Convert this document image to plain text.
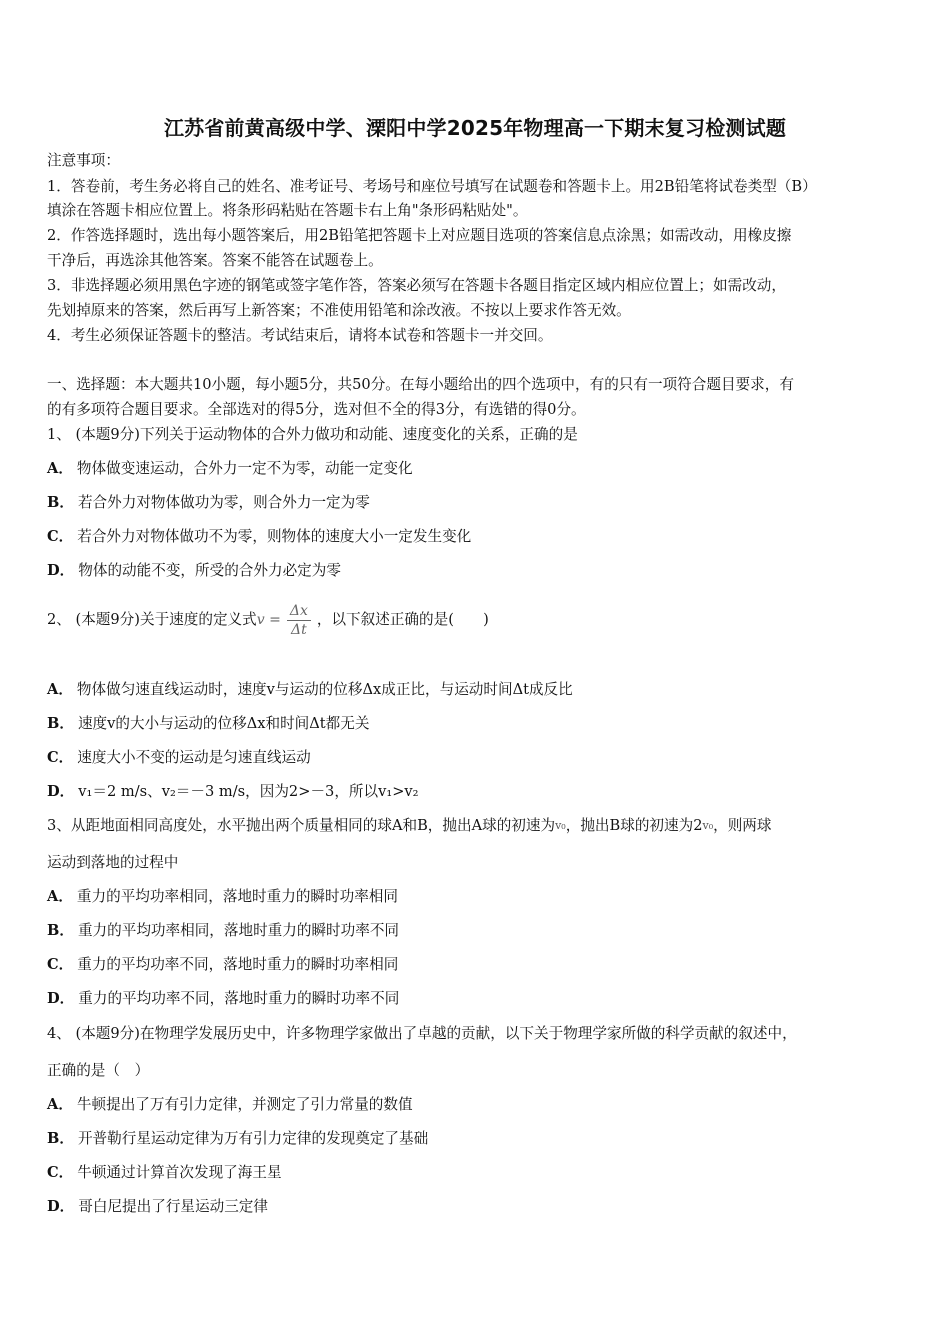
江苏省前黄高级中学、溧阳中学2025年物理高一下期末复习检测试题
注意事项：
1．答卷前，考生务必将自己的姓名、准考证号、考场号和座位号填写在试题卷和答题卡上。用2B铅笔将试卷类型（B）
填涂在答题卡相应位置上。将条形码粘贴在答题卡右上角"条形码粘贴处"。
2．作答选择题时，选出每小题答案后，用2B铅笔把答题卡上对应题目选项的答案信息点涂黑；如需改动，用橡皮擦
干净后，再选涂其他答案。答案不能答在试题卷上。
3．非选择题必须用黑色字迹的钢笔或签字笔作答，答案必须写在答题卡各题目指定区域内相应位置上；如需改动，
先划掉原来的答案，然后再写上新答案；不准使用铅笔和涂改液。不按以上要求作答无效。
4．考生必须保证答题卡的整洁。考试结束后，请将本试卷和答题卡一并交回。
一、选择题：本大题共10小题，每小题5分，共50分。在每小题给出的四个选项中，有的只有一项符合题目要求，有
的有多项符合题目要求。全部选对的得5分，选对但不全的得3分，有选错的得0分。
1、 (本题9分)下列关于运动物体的合外力做功和动能、速度变化的关系，正确的是
A． 物体做变速运动，合外力一定不为零，动能一定变化
B． 若合外力对物体做功为零，则合外力一定为零
C． 若合外力对物体做功不为零，则物体的速度大小一定发生变化
D． 物体的动能不变，所受的合外力必定为零
2、 (本题9分)关于速度的定义式$v = \frac{\Delta x}{\Delta t}$ ，以下叙述正确的是(　　)
A． 物体做匀速直线运动时，速度v与运动的位移Δx成正比，与运动时间Δt成反比
B． 速度v的大小与运动的位移Δx和时间Δt都无关
C． 速度大小不变的运动是匀速直线运动
D． v₁＝2 m/s、v₂＝－3 m/s，因为2>－3，所以v₁>v₂
3、从距地面相同高度处，水平抛出两个质量相同的球A和B，抛出A球的初速为$^{v_0}$，抛出B球的初速为$2^{v_0}$，则两球
运动到落地的过程中
A． 重力的平均功率相同，落地时重力的瞬时功率相同
B． 重力的平均功率相同，落地时重力的瞬时功率不同
C． 重力的平均功率不同，落地时重力的瞬时功率相同
D． 重力的平均功率不同，落地时重力的瞬时功率不同
4、 (本题9分)在物理学发展历史中，许多物理学家做出了卓越的贡献，以下关于物理学家所做的科学贡献的叙述中，
正确的是（　）
A． 牛顿提出了万有引力定律，并测定了引力常量的数值
B． 开普勒行星运动定律为万有引力定律的发现奠定了基础
C． 牛顿通过计算首次发现了海王星
D． 哥白尼提出了行星运动三定律
